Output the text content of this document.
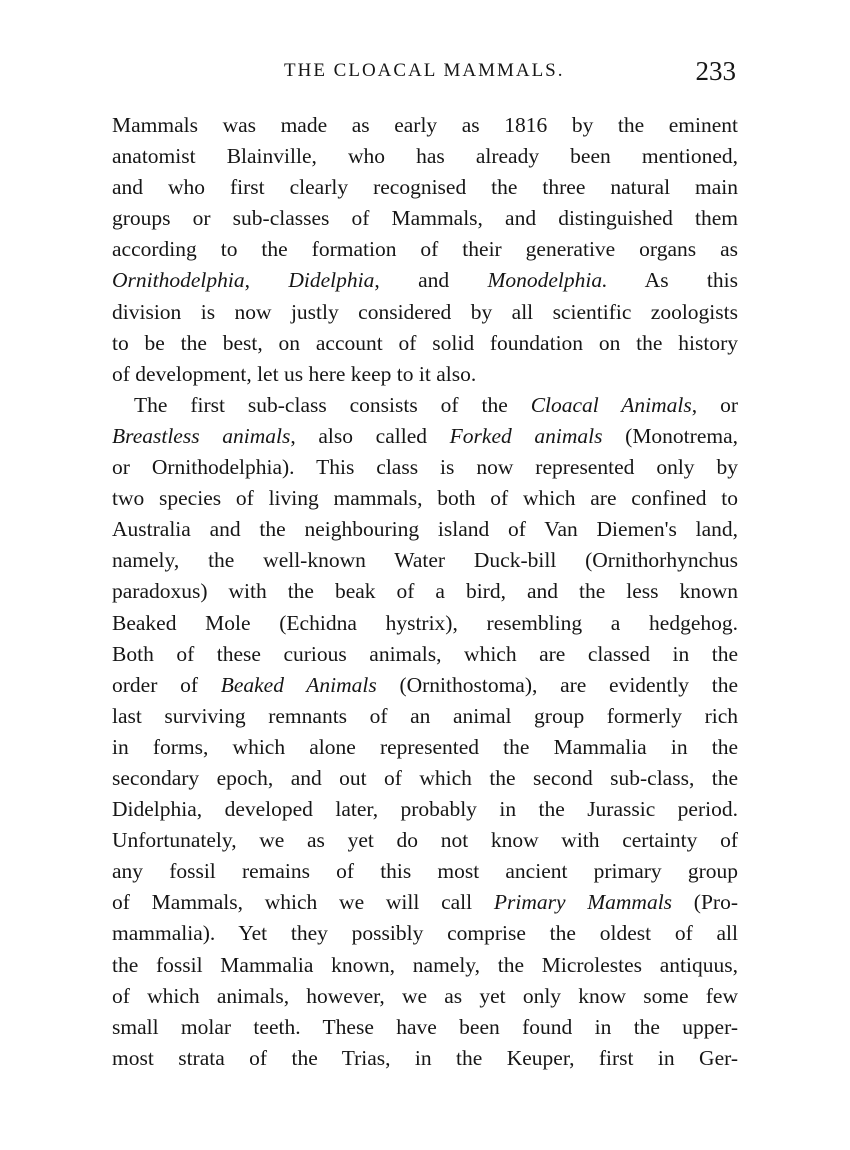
THE CLOACAL MAMMALS.	233
Mammals was made as early as 1816 by the eminent
anatomist Blainville, who has already been mentioned,
and who first clearly recognised the three natural main
groups or sub-classes of Mammals, and distinguished them
according to the formation of their generative organs as
Ornithodelphia, Didelphia, and Monodelphia. As this
division is now justly considered by all scientific zoologists
to be the best, on account of solid foundation on the history
of development, let us here keep to it also.
The first sub-class consists of the Cloacal Animals, or
Breastless animals, also called Forked animals (Monotrema,
or Ornithodelphia). This class is now represented only by
two species of living mammals, both of which are confined to
Australia and the neighbouring island of Van Diemen's land,
namely, the well-known Water Duck-bill (Ornithorhynchus
paradoxus) with the beak of a bird, and the less known
Beaked Mole (Echidna hystrix), resembling a hedgehog.
Both of these curious animals, which are classed in the
order of Beaked Animals (Ornithostoma), are evidently the
last surviving remnants of an animal group formerly rich
in forms, which alone represented the Mammalia in the
secondary epoch, and out of which the second sub-class, the
Didelphia, developed later, probably in the Jurassic period.
Unfortunately, we as yet do not know with certainty of
any fossil remains of this most ancient primary group
of Mammals, which we will call Primary Mammals (Pro-
mammalia). Yet they possibly comprise the oldest of all
the fossil Mammalia known, namely, the Microlestes antiquus,
of which animals, however, we as yet only know some few
small molar teeth. These have been found in the upper-
most strata of the Trias, in the Keuper, first in Ger-
